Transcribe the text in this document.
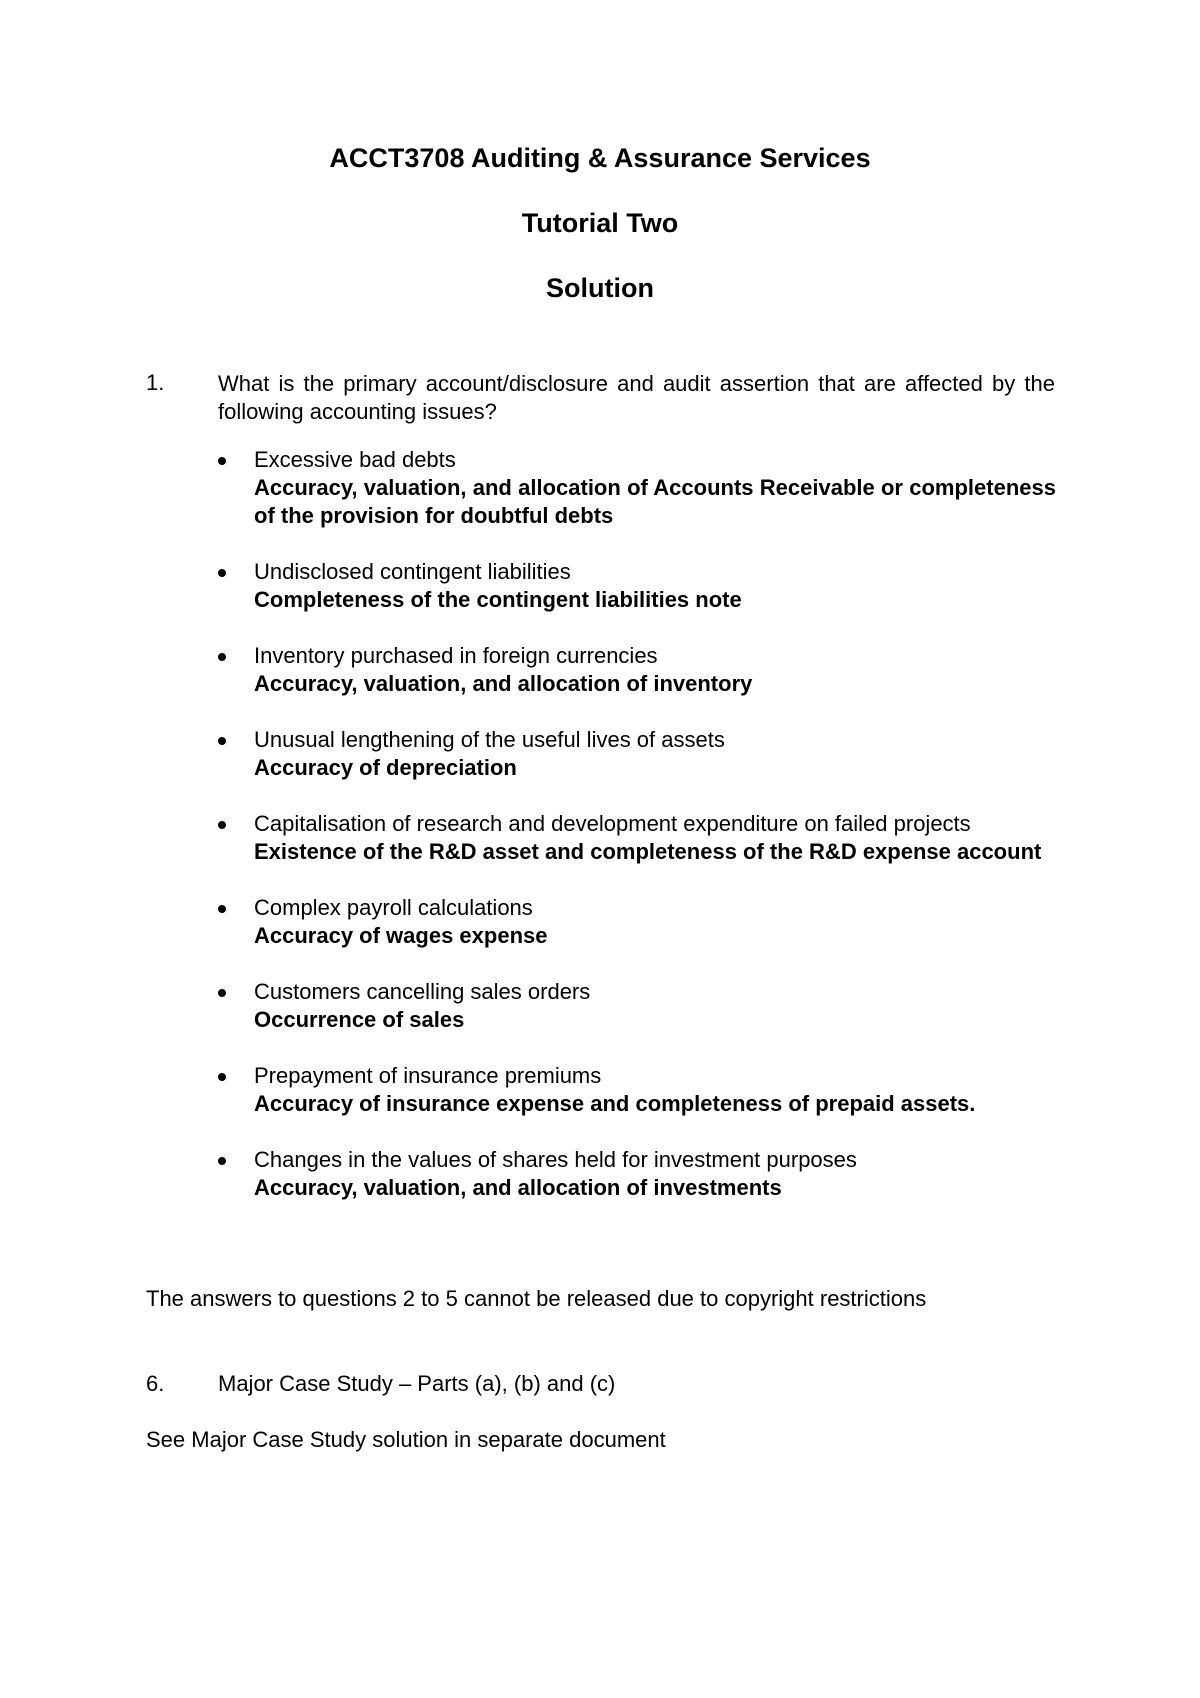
ACCT3708 Auditing & Assurance Services
Tutorial Two
Solution
1. What is the primary account/disclosure and audit assertion that are affected by the following accounting issues?
Excessive bad debts
Accuracy, valuation, and allocation of Accounts Receivable or completeness of the provision for doubtful debts
Undisclosed contingent liabilities
Completeness of the contingent liabilities note
Inventory purchased in foreign currencies
Accuracy, valuation, and allocation of inventory
Unusual lengthening of the useful lives of assets
Accuracy of depreciation
Capitalisation of research and development expenditure on failed projects
Existence of the R&D asset and completeness of the R&D expense account
Complex payroll calculations
Accuracy of wages expense
Customers cancelling sales orders
Occurrence of sales
Prepayment of insurance premiums
Accuracy of insurance expense and completeness of prepaid assets.
Changes in the values of shares held for investment purposes
Accuracy, valuation, and allocation of investments
The answers to questions 2 to 5 cannot be released due to copyright restrictions
6. Major Case Study – Parts (a), (b) and (c)
See Major Case Study solution in separate document
